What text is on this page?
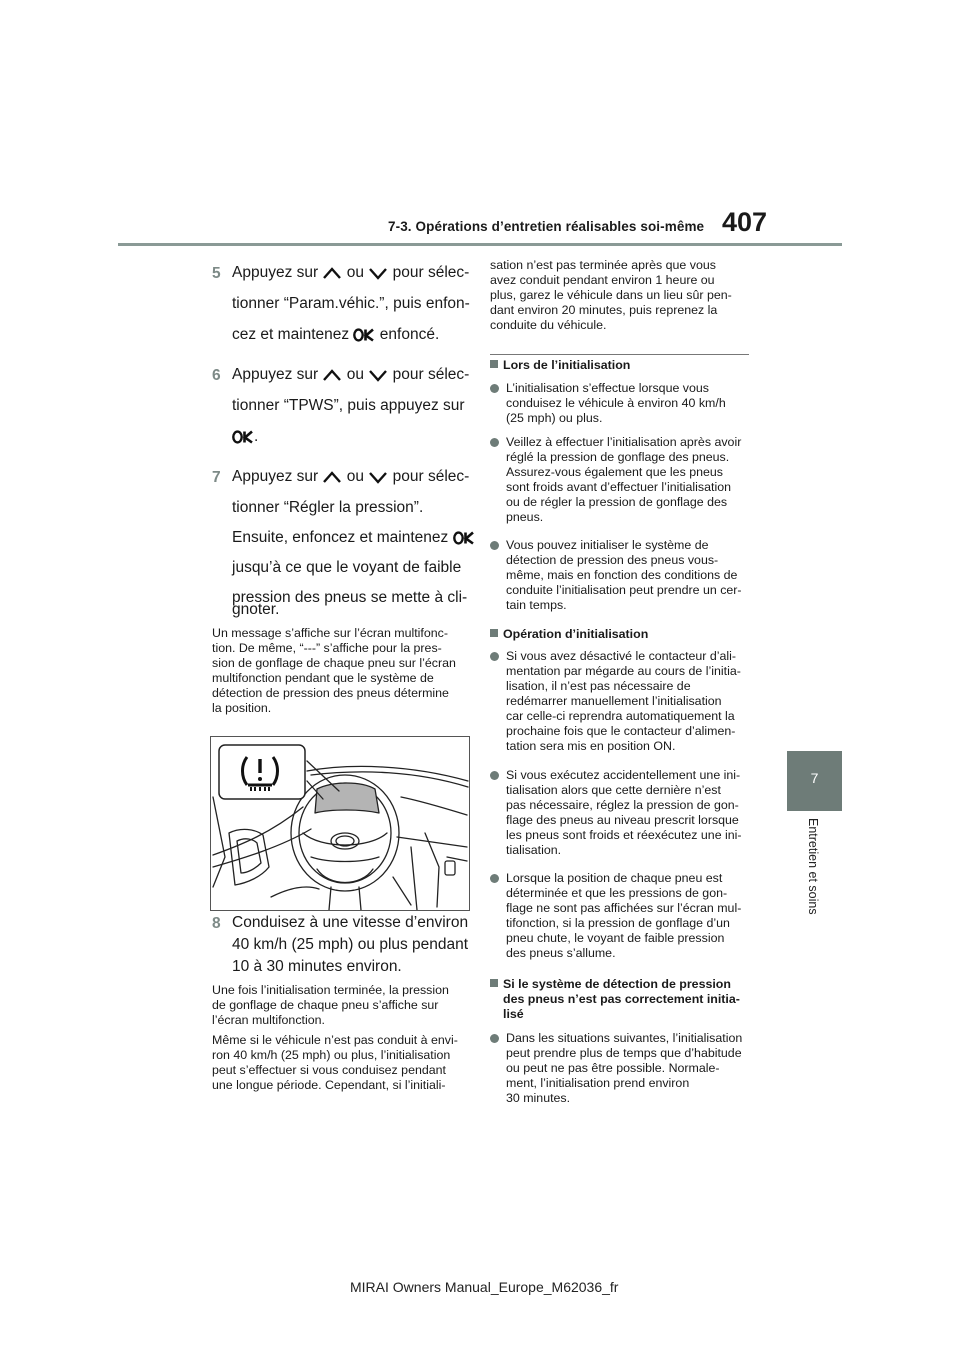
7-3. Opérations d’entretien réalisables soi-même 407
7
Entretien et soins
5 Appuyez sur  ou pour sélec-
tionner “Param.véhic.”, puis enfon-
cez et maintenez  enfoncé.
6 Appuyez sur  ou pour sélec-
tionner “TPWS”, puis appuyez sur
.
7 Appuyez sur  ou pour sélec-
tionner “Régler la pression”.
Ensuite, enfoncez et maintenez
jusqu’à ce que le voyant de faible
pression des pneus se mette à cli-
gnoter.
Un message s’affiche sur l’écran multifonc-
tion. De même, “---” s’affiche pour la pres-
sion de gonflage de chaque pneu sur l’écran
multifonction pendant que le système de
détection de pression des pneus détermine
la position.
8 Conduisez à une vitesse d’environ
40 km/h (25 mph) ou plus pendant
10 à 30 minutes environ.
Une fois l’initialisation terminée, la pression
de gonflage de chaque pneu s’affiche sur
l’écran multifonction.
Même si le véhicule n’est pas conduit à envi-
ron 40 km/h (25 mph) ou plus, l’initialisation
peut s’effectuer si vous conduisez pendant
une longue période. Cependant, si l’initiali-
sation n’est pas terminée après que vous
avez conduit pendant environ 1 heure ou
plus, garez le véhicule dans un lieu sûr pen-
dant environ 20 minutes, puis reprenez la
conduite du véhicule.
Lors de l’initialisation
L’initialisation s’effectue lorsque vous
conduisez le véhicule à environ 40 km/h
(25 mph) ou plus.
Veillez à effectuer l’initialisation après avoir
réglé la pression de gonflage des pneus.
Assurez-vous également que les pneus
sont froids avant d’effectuer l’initialisation
ou de régler la pression de gonflage des
pneus.
Vous pouvez initialiser le système de
détection de pression des pneus vous-
même, mais en fonction des conditions de
conduite l’initialisation peut prendre un cer-
tain temps.
Opération d’initialisation
Si vous avez désactivé le contacteur d’ali-
mentation par mégarde au cours de l’initia-
lisation, il n’est pas nécessaire de
redémarrer manuellement l’initialisation
car celle-ci reprendra automatiquement la
prochaine fois que le contacteur d’alimen-
tation sera mis en position ON.
Si vous exécutez accidentellement une ini-
tialisation alors que cette dernière n’est
pas nécessaire, réglez la pression de gon-
flage des pneus au niveau prescrit lorsque
les pneus sont froids et réexécutez une ini-
tialisation.
Lorsque la position de chaque pneu est
déterminée et que les pressions de gon-
flage ne sont pas affichées sur l’écran mul-
tifonction, si la pression de gonflage d’un
pneu chute, le voyant de faible pression
des pneus s’allume.
Si le système de détection de pression
des pneus n’est pas correctement initia-
lisé
Dans les situations suivantes, l’initialisation
peut prendre plus de temps que d’habitude
ou peut ne pas être possible. Normale-
ment, l’initialisation prend environ
30 minutes.
MIRAI Owners Manual_Europe_M62036_fr
